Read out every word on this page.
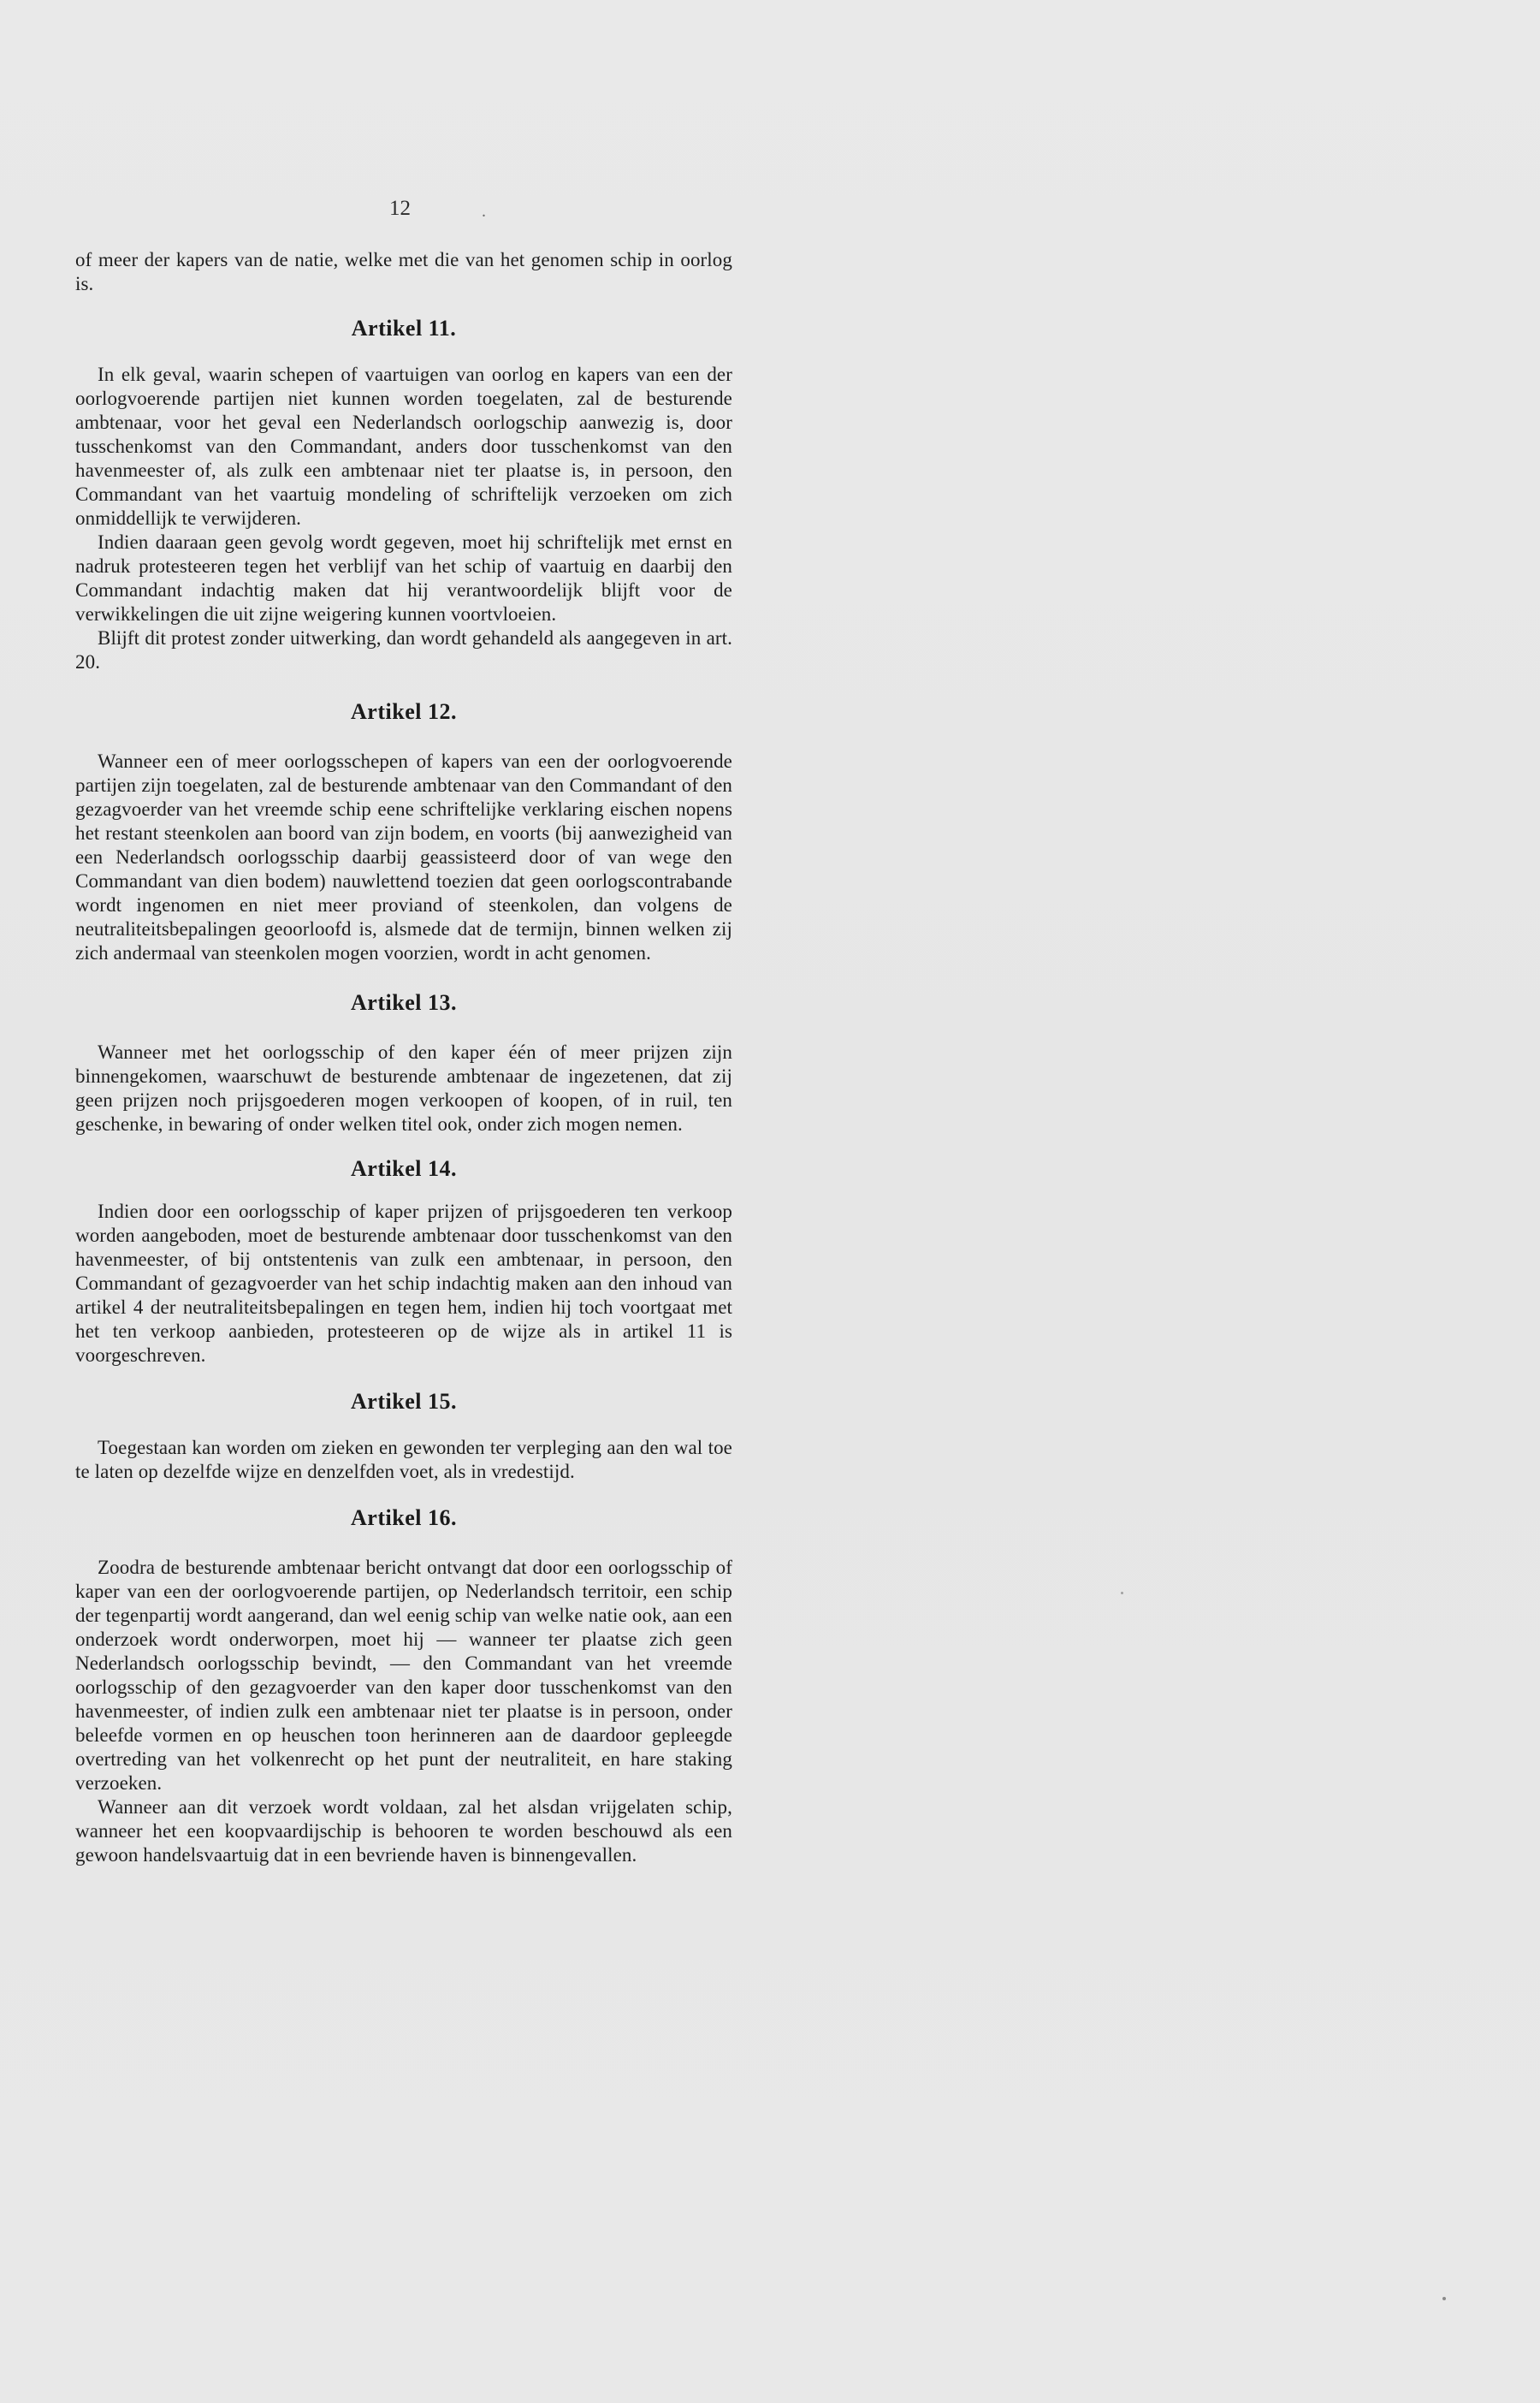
12	.

of meer der kapers van de natie, welke met die van het genomen schip in oorlog is.

Artikel 11.

In elk geval, waarin schepen of vaartuigen van oorlog en kapers van een der oorlogvoerende partijen niet kunnen worden toegelaten, zal de besturende ambtenaar, voor het geval een Nederlandsch oorlogschip aanwezig is, door tusschenkomst van den Commandant, anders door tusschenkomst van den havenmeester of, als zulk een ambtenaar niet ter plaatse is, in persoon, den Commandant van het vaartuig mondeling of schriftelijk verzoeken om zich onmiddellijk te verwijderen.

Indien daaraan geen gevolg wordt gegeven, moet hij schriftelijk met ernst en nadruk protesteeren tegen het verblijf van het schip of vaartuig en daarbij den Commandant indachtig maken dat hij verantwoordelijk blijft voor de verwikkelingen die uit zijne weigering kunnen voortvloeien.

Blijft dit protest zonder uitwerking, dan wordt gehandeld als aangegeven in art. 20.

Artikel 12.

Wanneer een of meer oorlogsschepen of kapers van een der oorlogvoerende partijen zijn toegelaten, zal de besturende ambtenaar van den Commandant of den gezagvoerder van het vreemde schip eene schriftelijke verklaring eischen nopens het restant steenkolen aan boord van zijn bodem, en voorts (bij aanwezigheid van een Nederlandsch oorlogsschip daarbij geassisteerd door of van wege den Commandant van dien bodem) nauwlettend toezien dat geen oorlogscontrabande wordt ingenomen en niet meer proviand of steenkolen, dan volgens de neutraliteitsbepalingen geoorloofd is, alsmede dat de termijn, binnen welken zij zich andermaal van steenkolen mogen voorzien, wordt in acht genomen.

Artikel 13.

Wanneer met het oorlogsschip of den kaper één of meer prijzen zijn binnengekomen, waarschuwt de besturende ambtenaar de ingezetenen, dat zij geen prijzen noch prijsgoederen mogen verkoopen of koopen, of in ruil, ten geschenke, in bewaring of onder welken titel ook, onder zich mogen nemen.

Artikel 14.

Indien door een oorlogsschip of kaper prijzen of prijsgoederen ten verkoop worden aangeboden, moet de besturende ambtenaar door tusschenkomst van den havenmeester, of bij ontstentenis van zulk een ambtenaar, in persoon, den Commandant of gezagvoerder van het schip indachtig maken aan den inhoud van artikel 4 der neutraliteitsbepalingen en tegen hem, indien hij toch voortgaat met het ten verkoop aanbieden, protesteeren op de wijze als in artikel 11 is voorgeschreven.

Artikel 15.

Toegestaan kan worden om zieken en gewonden ter verpleging aan den wal toe te laten op dezelfde wijze en denzelfden voet, als in vredestijd.

Artikel 16.

Zoodra de besturende ambtenaar bericht ontvangt dat door een oorlogsschip of kaper van een der oorlogvoerende partijen, op Nederlandsch territoir, een schip der tegenpartij wordt aangerand, dan wel eenig schip van welke natie ook, aan een onderzoek wordt onderworpen, moet hij — wanneer ter plaatse zich geen Nederlandsch oorlogsschip bevindt, — den Commandant van het vreemde oorlogsschip of den gezagvoerder van den kaper door tusschenkomst van den havenmeester, of indien zulk een ambtenaar niet ter plaatse is in persoon, onder beleefde vormen en op heuschen toon herinneren aan de daardoor gepleegde overtreding van het volkenrecht op het punt der neutraliteit, en hare staking verzoeken.

Wanneer aan dit verzoek wordt voldaan, zal het alsdan vrijgelaten schip, wanneer het een koopvaardijschip is behooren te worden beschouwd als een gewoon handelsvaartuig dat in een bevriende haven is binnengevallen.
